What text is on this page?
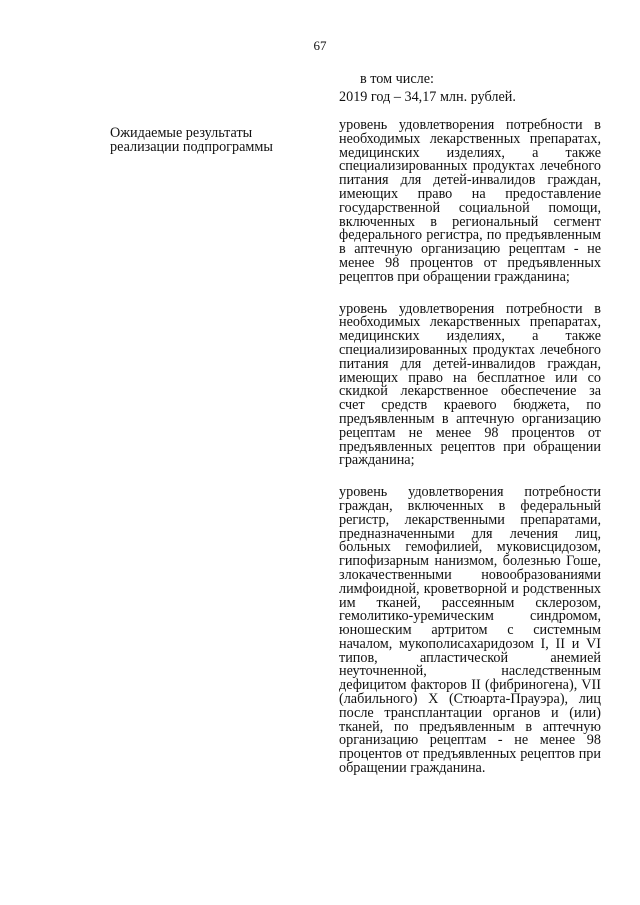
67
в том числе:
2019 год – 34,17 млн. рублей.
Ожидаемые результаты реализации подпрограммы

уровень удовлетворения потребности в необходимых лекарственных препаратах, медицинских изделиях, а также специализированных продуктах лечебного питания для детей-инвалидов граждан, имеющих право на предоставление государственной социальной помощи, включенных в региональный сегмент федерального регистра, по предъявленным в аптечную организацию рецептам - не менее 98 процентов от предъявленных рецептов при обращении гражданина;

уровень удовлетворения потребности в необходимых лекарственных препаратах, медицинских изделиях, а также специализированных продуктах лечебного питания для детей-инвалидов граждан, имеющих право на бесплатное или со скидкой лекарственное обеспечение за счет средств краевого бюджета, по предъявленным в аптечную организацию рецептам не менее 98 процентов от предъявленных рецептов при обращении гражданина;

уровень удовлетворения потребности граждан, включенных в федеральный регистр, лекарственными препаратами, предназначенными для лечения лиц, больных гемофилией, муковисцидозом, гипофизарным нанизмом, болезнью Гоше, злокачественными новообразованиями лимфоидной, кроветворной и родственных им тканей, рассеянным склерозом, гемолитико-уремическим синдромом, юношеским артритом с системным началом, мукополисахаридозом I, II и VI типов, апластической анемией неуточненной, наследственным дефицитом факторов II (фибриногена), VII (лабильного) X (Стюарта-Прауэра), лиц после трансплантации органов и (или) тканей, по предъявленным в аптечную организацию рецептам - не менее 98 процентов от предъявленных рецептов при обращении гражданина.
